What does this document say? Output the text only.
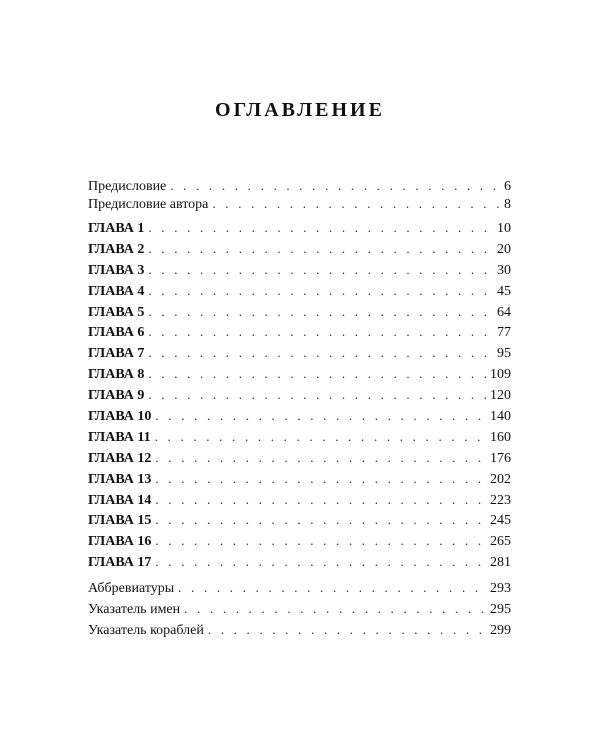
ОГЛАВЛЕНИЕ
Предисловие . . .	6
Предисловие автора . . .	8
ГЛАВА 1 . . .	10
ГЛАВА 2 . . .	20
ГЛАВА 3 . . .	30
ГЛАВА 4 . . .	45
ГЛАВА 5 . . .	64
ГЛАВА 6 . . .	77
ГЛАВА 7 . . .	95
ГЛАВА 8 . . .	109
ГЛАВА 9 . . .	120
ГЛАВА 10 . . .	140
ГЛАВА 11 . . .	160
ГЛАВА 12 . . .	176
ГЛАВА 13 . . .	202
ГЛАВА 14 . . .	223
ГЛАВА 15 . . .	245
ГЛАВА 16 . . .	265
ГЛАВА 17 . . .	281
Аббревиатуры . . .	293
Указатель имен . . .	295
Указатель кораблей . . .	299
